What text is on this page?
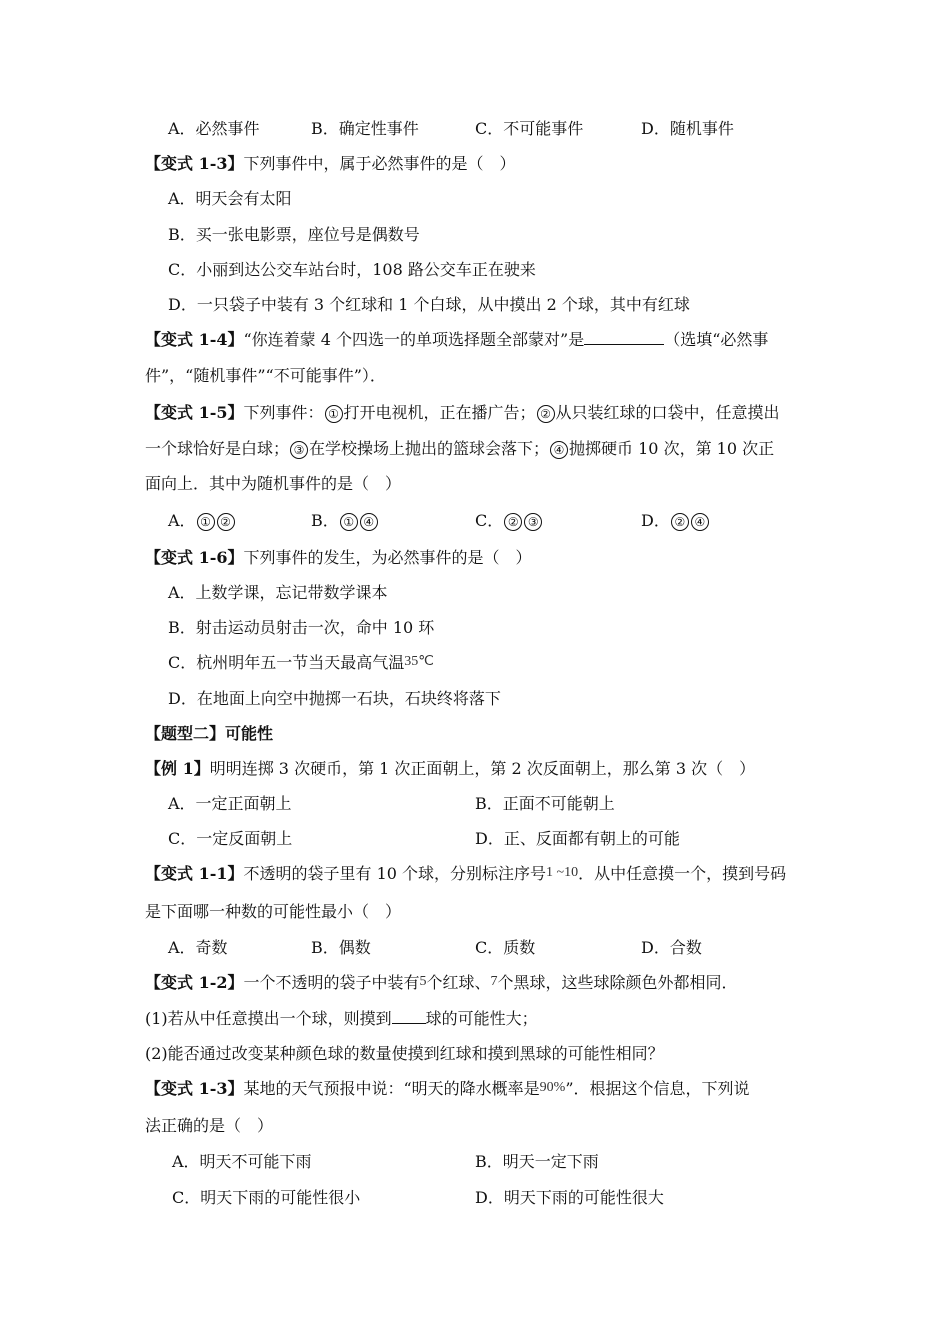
A．必然事件	B．确定性事件	C．不可能事件	D．随机事件
【变式 1-3】下列事件中，属于必然事件的是（　）
A．明天会有太阳
B．买一张电影票，座位号是偶数号
C．小丽到达公交车站台时，108 路公交车正在驶来
D．一只袋子中装有 3 个红球和 1 个白球，从中摸出 2 个球，其中有红球
【变式 1-4】“你连着蒙 4 个四选一的单项选择题全部蒙对”是	（选填“必然事
件”，“随机事件”“不可能事件”）．
【变式 1-5】下列事件： ① 打开电视机，正在播广告； ② 从只装红球的口袋中，任意摸出
一个球恰好是白球； ③ 在学校操场上抛出的篮球会落下； ④ 抛掷硬币 10 次，第 10 次正
面向上．其中为随机事件的是（　）
A． ① ②	B． ① ④	C． ② ③	D． ② ④
【变式 1-6】下列事件的发生，为必然事件的是（　）
A．上数学课，忘记带数学课本
B．射击运动员射击一次，命中 10 环
C．杭州明年五一节当天最高气温35℃
D．在地面上向空中抛掷一石块，石块终将落下
【题型二】可能性
【例 1】明明连掷 3 次硬币，第 1 次正面朝上，第 2 次反面朝上，那么第 3 次（　）
A．一定正面朝上	B．正面不可能朝上
C．一定反面朝上	D．正、反面都有朝上的可能
【变式 1-1】不透明的袋子里有 10 个球，分别标注序号1 ~10．从中任意摸一个，摸到号码
是下面哪一种数的可能性最小（　）
A．奇数	B．偶数	C．质数	D．合数
【变式 1-2】一个不透明的袋子中装有5个红球、7个黑球，这些球除颜色外都相同．
(1)若从中任意摸出一个球，则摸到 球的可能性大；
(2)能否通过改变某种颜色球的数量使摸到红球和摸到黑球的可能性相同？
【变式 1-3】某地的天气预报中说：“明天的降水概率是90%”．根据这个信息，下列说
法正确的是（　）
A．明天不可能下雨	B．明天一定下雨
C．明天下雨的可能性很小	D．明天下雨的可能性很大
